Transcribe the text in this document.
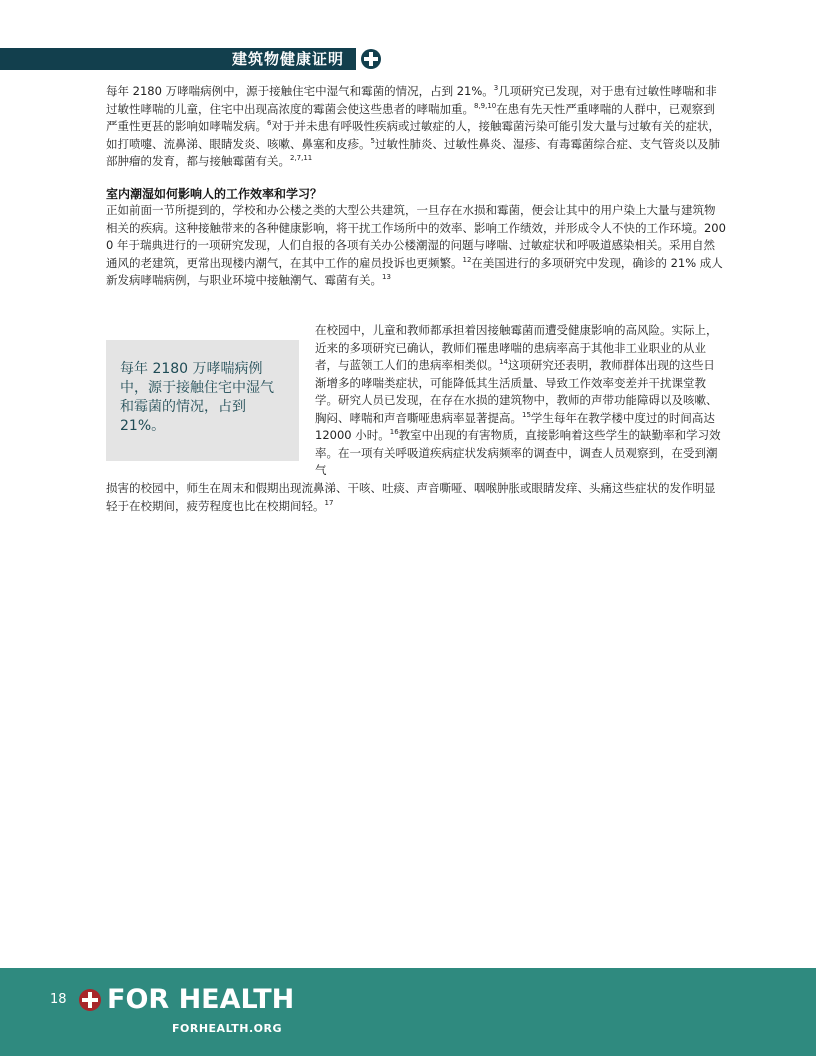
建筑物健康证明

每年 2180 万哮喘病例中，源于接触住宅中湿气和霉菌的情况，占到 21%。$^3$几项研究已发现，对于患有过敏性哮喘和非过敏性哮喘的儿童，住宅中出现高浓度的霉菌会使这些患者的哮喘加重。$^{8,9,10}$在患有先天性严重哮喘的人群中，已观察到严重性更甚的影响如哮喘发病。$^6$对于并未患有呼吸性疾病或过敏症的人，接触霉菌污染可能引发大量与过敏有关的症状，如打喷嚏、流鼻涕、眼睛发炎、咳嗽、鼻塞和皮疹。$^5$过敏性肺炎、过敏性鼻炎、湿疹、有毒霉菌综合症、支气管炎以及肺部肿瘤的发育，都与接触霉菌有关。$^{2,7,11}$

室内潮湿如何影响人的工作效率和学习？

正如前面一节所提到的，学校和办公楼之类的大型公共建筑，一旦存在水损和霉菌，便会让其中的用户染上大量与建筑物相关的疾病。这种接触带来的各种健康影响，将干扰工作场所中的效率、影响工作绩效，并形成令人不快的工作环境。2000 年于瑞典进行的一项研究发现，人们自报的各项有关办公楼潮湿的问题与哮喘、过敏症状和呼吸道感染相关。采用自然通风的老建筑，更常出现楼内潮气，在其中工作的雇员投诉也更频繁。$^{12}$在美国进行的多项研究中发现，确诊的 21% 成人新发病哮喘病例，与职业环境中接触潮气、霉菌有关。$^{13}$

每年 2180 万哮喘病例中，源于接触住宅中湿气和霉菌的情况，占到 21%。

在校园中，儿童和教师都承担着因接触霉菌而遭受健康影响的高风险。实际上，近来的多项研究已确认，教师们罹患哮喘的患病率高于其他非工业职业的从业者，与蓝领工人们的患病率相类似。$^{14}$这项研究还表明，教师群体出现的这些日渐增多的哮喘类症状，可能降低其生活质量、导致工作效率变差并干扰课堂教学。研究人员已发现，在存在水损的建筑物中，教师的声带功能障碍以及咳嗽、胸闷、哮喘和声音嘶哑患病率显著提高。$^{15}$学生每年在教学楼中度过的时间高达 12000 小时。$^{16}$教室中出现的有害物质，直接影响着这些学生的缺勤率和学习效率。在一项有关呼吸道疾病症状发病频率的调查中，调查人员观察到，在受到潮气

损害的校园中，师生在周末和假期出现流鼻涕、干咳、吐痰、声音嘶哑、咽喉肿胀或眼睛发痒、头痛这些症状的发作明显轻于在校期间，疲劳程度也比在校期间轻。$^{17}$

18 FOR HEALTH
FORHEALTH.ORG
